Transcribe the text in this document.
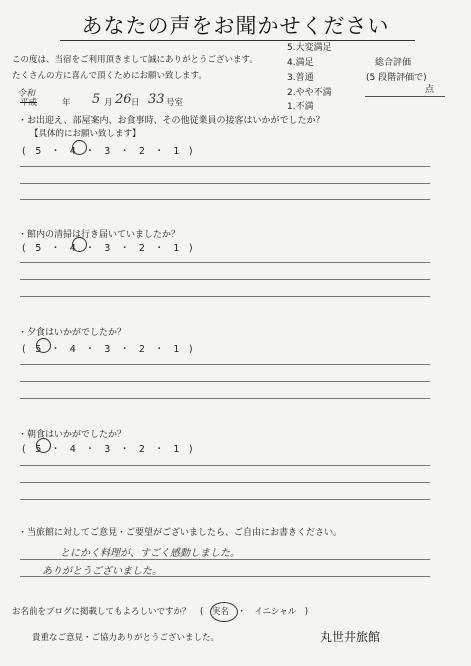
あなたの声をお聞かせください
この度は、当宿をご利用頂きまして誠にありがとうございます。
たくさんの方に喜んで頂くためにお願い致します。
5.大変満足
4.満足
3.普通
2.やや不満
1.不満
総合評価
(5 段階評価で)
点
令和
平成	年 5 月 26 日 33 号室
・お出迎え、部屋案内、お食事時、その他従業員の接客はいかがでしたか？
【具体的にお願い致します】
(　5　・　4　・　3　・　2　・　1　)
・館内の清掃は行き届いていましたか？
(　5　・　4　・　3　・　2　・　1　)
・夕食はいかがでしたか？
(　5　・　4　・　3　・　2　・　1　)
・朝食はいかがでしたか？
(　5　・　4　・　3　・　2　・　1　)
・当旅館に対してご意見・ご要望がございましたら、ご自由にお書きください。
とにかく料理が、すごく感動しました。
ありがとうございました。
お名前をブログに掲載してもよろしいですか？ (　実名　・　イニシャル　)
貴重なご意見・ご協力ありがとうございました。	丸世井旅館
